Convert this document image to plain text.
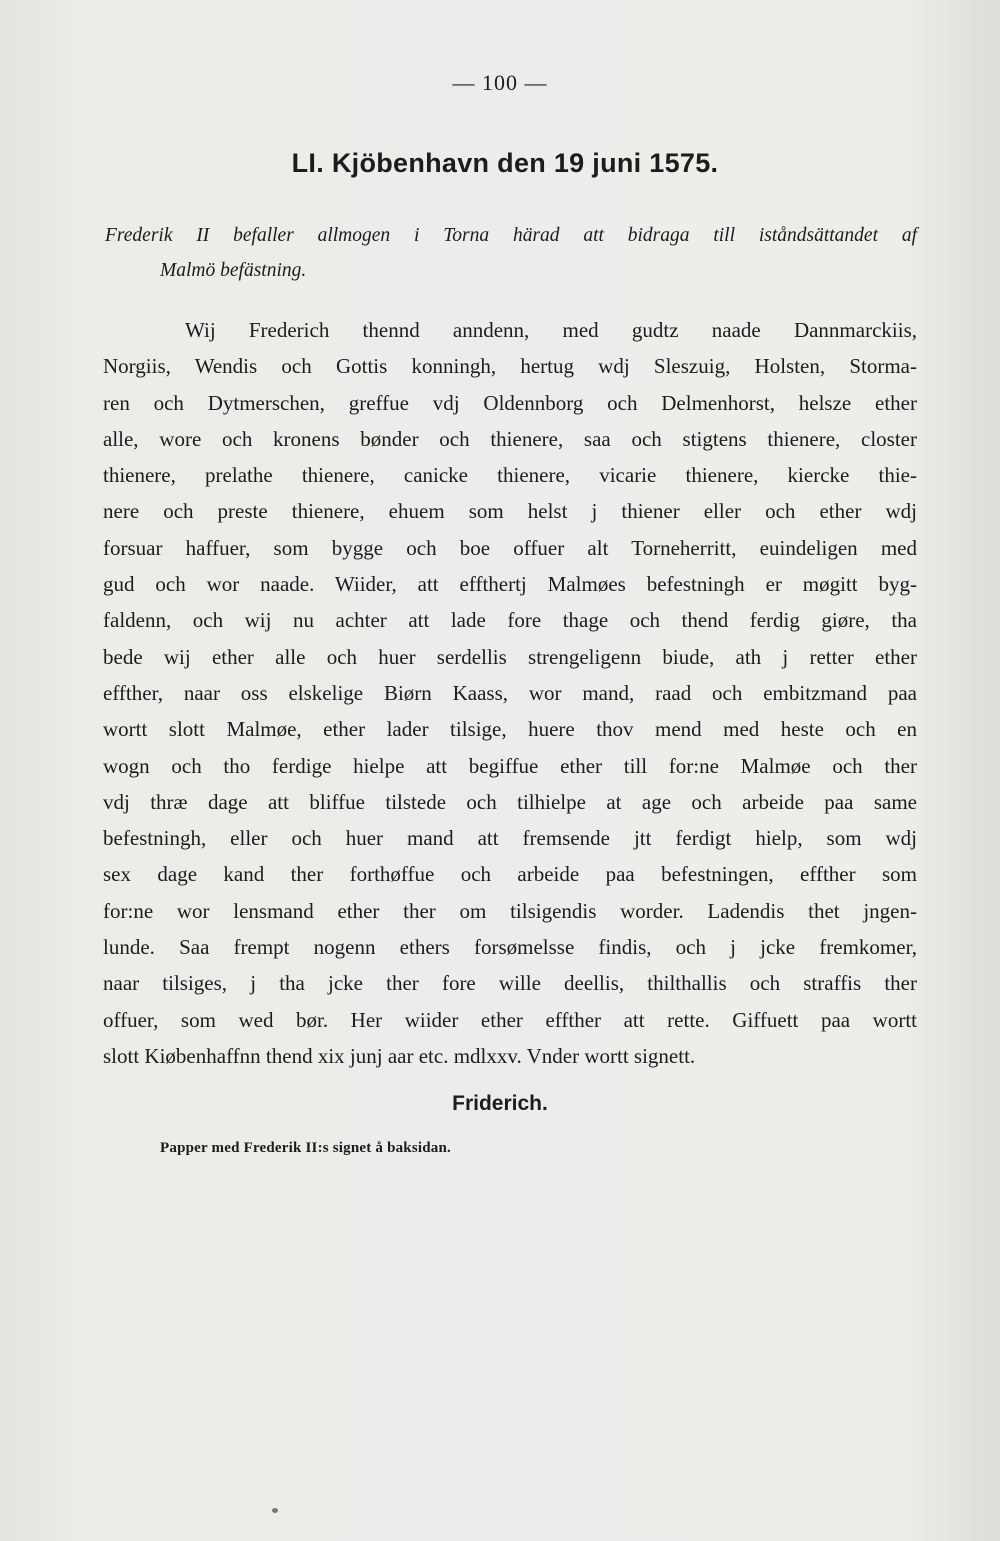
— 100 —
LI. Kjöbenhavn den 19 juni 1575.
Frederik II befaller allmogen i Torna härad att bidraga till iståndsättandet af
Malmö befästning.
Wij Frederich thennd anndenn, med gudtz naade Dannmarckiis,
Norgiis, Wendis och Gottis konningh, hertug wdj Sleszuig, Holsten, Storma-
ren och Dytmerschen, greffue vdj Oldennborg och Delmenhorst, helsze ether
alle, wore och kronens bønder och thienere, saa och stigtens thienere, closter
thienere, prelathe thienere, canicke thienere, vicarie thienere, kiercke thie-
nere och preste thienere, ehuem som helst j thiener eller och ether wdj
forsuar haffuer, som bygge och boe offuer alt Torneherritt, euindeligen med
gud och wor naade. Wiider, att effthertj Malmøes befestningh er møgitt byg-
faldenn, och wij nu achter att lade fore thage och thend ferdig giøre, tha
bede wij ether alle och huer serdellis strengeligenn biude, ath j retter ether
effther, naar oss elskelige Biørn Kaass, wor mand, raad och embitzmand paa
wortt slott Malmøe, ether lader tilsige, huere thov mend med heste och en
wogn och tho ferdige hielpe att begiffue ether till for:ne Malmøe och ther
vdj thræ dage att bliffue tilstede och tilhielpe at age och arbeide paa same
befestningh, eller och huer mand att fremsende jtt ferdigt hielp, som wdj
sex dage kand ther forthøffue och arbeide paa befestningen, effther som
for:ne wor lensmand ether ther om tilsigendis worder. Ladendis thet jngen-
lunde. Saa frempt nogenn ethers forsømelsse findis, och j jcke fremkomer,
naar tilsiges, j tha jcke ther fore wille deellis, thilthallis och straffis ther
offuer, som wed bør. Her wiider ether effther att rette. Giffuett paa wortt
slott Kiøbenhaffnn thend xix junj aar etc. mdlxxv. Vnder wortt signett.
Friderich.
Papper med Frederik II:s signet å baksidan.
